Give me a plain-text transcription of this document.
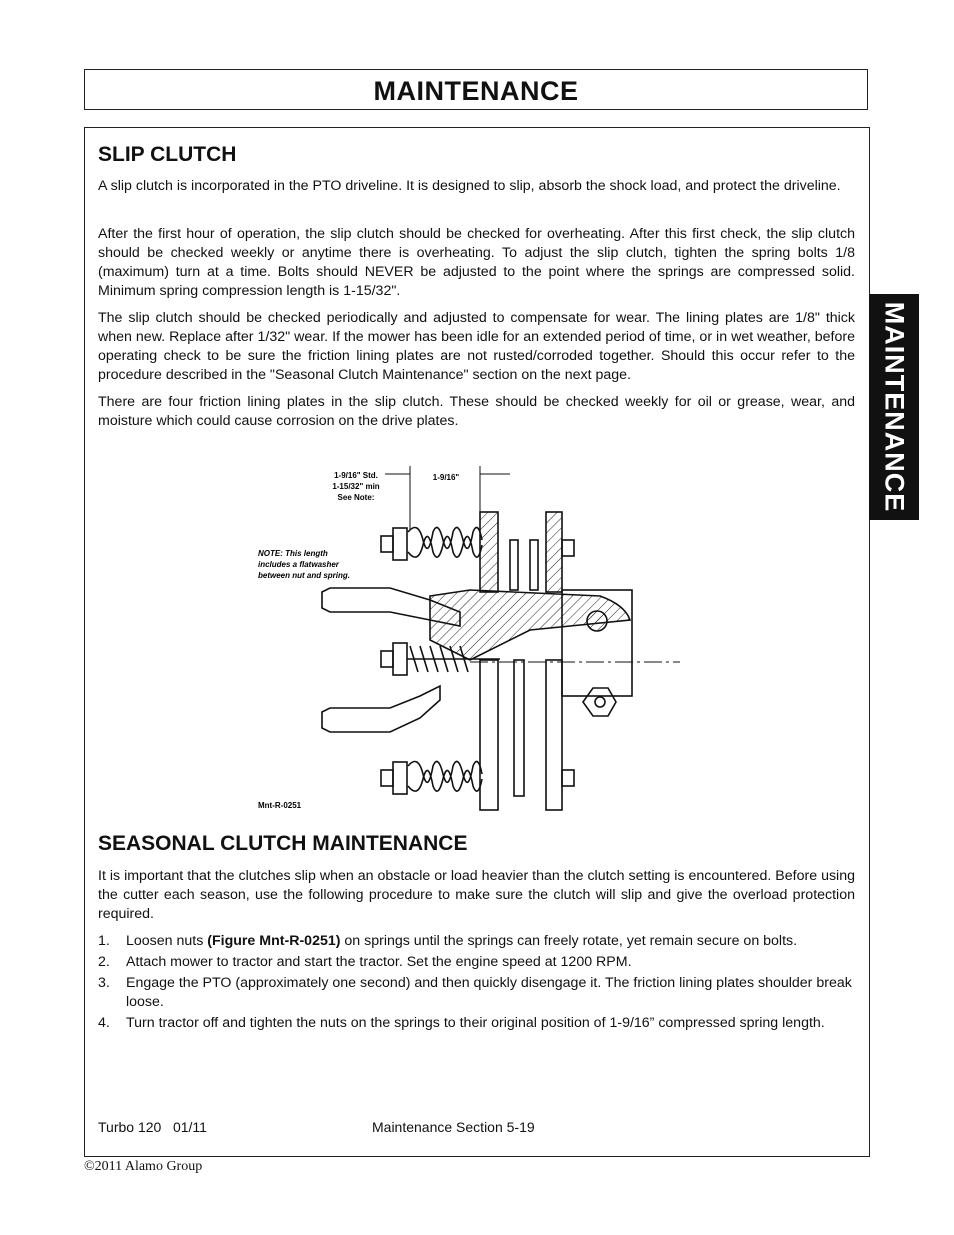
MAINTENANCE
MAINTENANCE
SLIP CLUTCH
A slip clutch is incorporated in the PTO driveline. It is designed to slip, absorb the shock load, and protect the driveline.
After the first hour of operation, the slip clutch should be checked for overheating. After this first check, the slip clutch should be checked weekly or anytime there is overheating. To adjust the slip clutch, tighten the spring bolts 1/8 (maximum) turn at a time. Bolts should NEVER be adjusted to the point where the springs are compressed solid. Minimum spring compression length is 1-15/32".
The slip clutch should be checked periodically and adjusted to compensate for wear. The lining plates are 1/8" thick when new. Replace after 1/32" wear. If the mower has been idle for an extended period of time, or in wet weather, before operating check to be sure the friction lining plates are not rusted/corroded together. Should this occur refer to the procedure described in the "Seasonal Clutch Maintenance" section on the next page.
There are four friction lining plates in the slip clutch. These should be checked weekly for oil or grease, wear, and moisture which could cause corrosion on the drive plates.
1-9/16" Std.
1-15/32" min
See Note:
1-9/16"
NOTE: This length
includes a flatwasher
between nut and spring.
Mnt-R-0251
SEASONAL CLUTCH MAINTENANCE
It is important that the clutches slip when an obstacle or load heavier than the clutch setting is encountered. Before using the cutter each season, use the following procedure to make sure the clutch will slip and give the overload protection required.
1. Loosen nuts (Figure Mnt-R-0251) on springs until the springs can freely rotate, yet remain secure on bolts.
2. Attach mower to tractor and start the tractor. Set the engine speed at 1200 RPM.
3. Engage the PTO (approximately one second) and then quickly disengage it. The friction lining plates shoulder break loose.
4. Turn tractor off and tighten the nuts on the springs to their original position of 1-9/16” compressed spring length.
Turbo 120   01/11	Maintenance Section 5-19
©2011 Alamo Group
